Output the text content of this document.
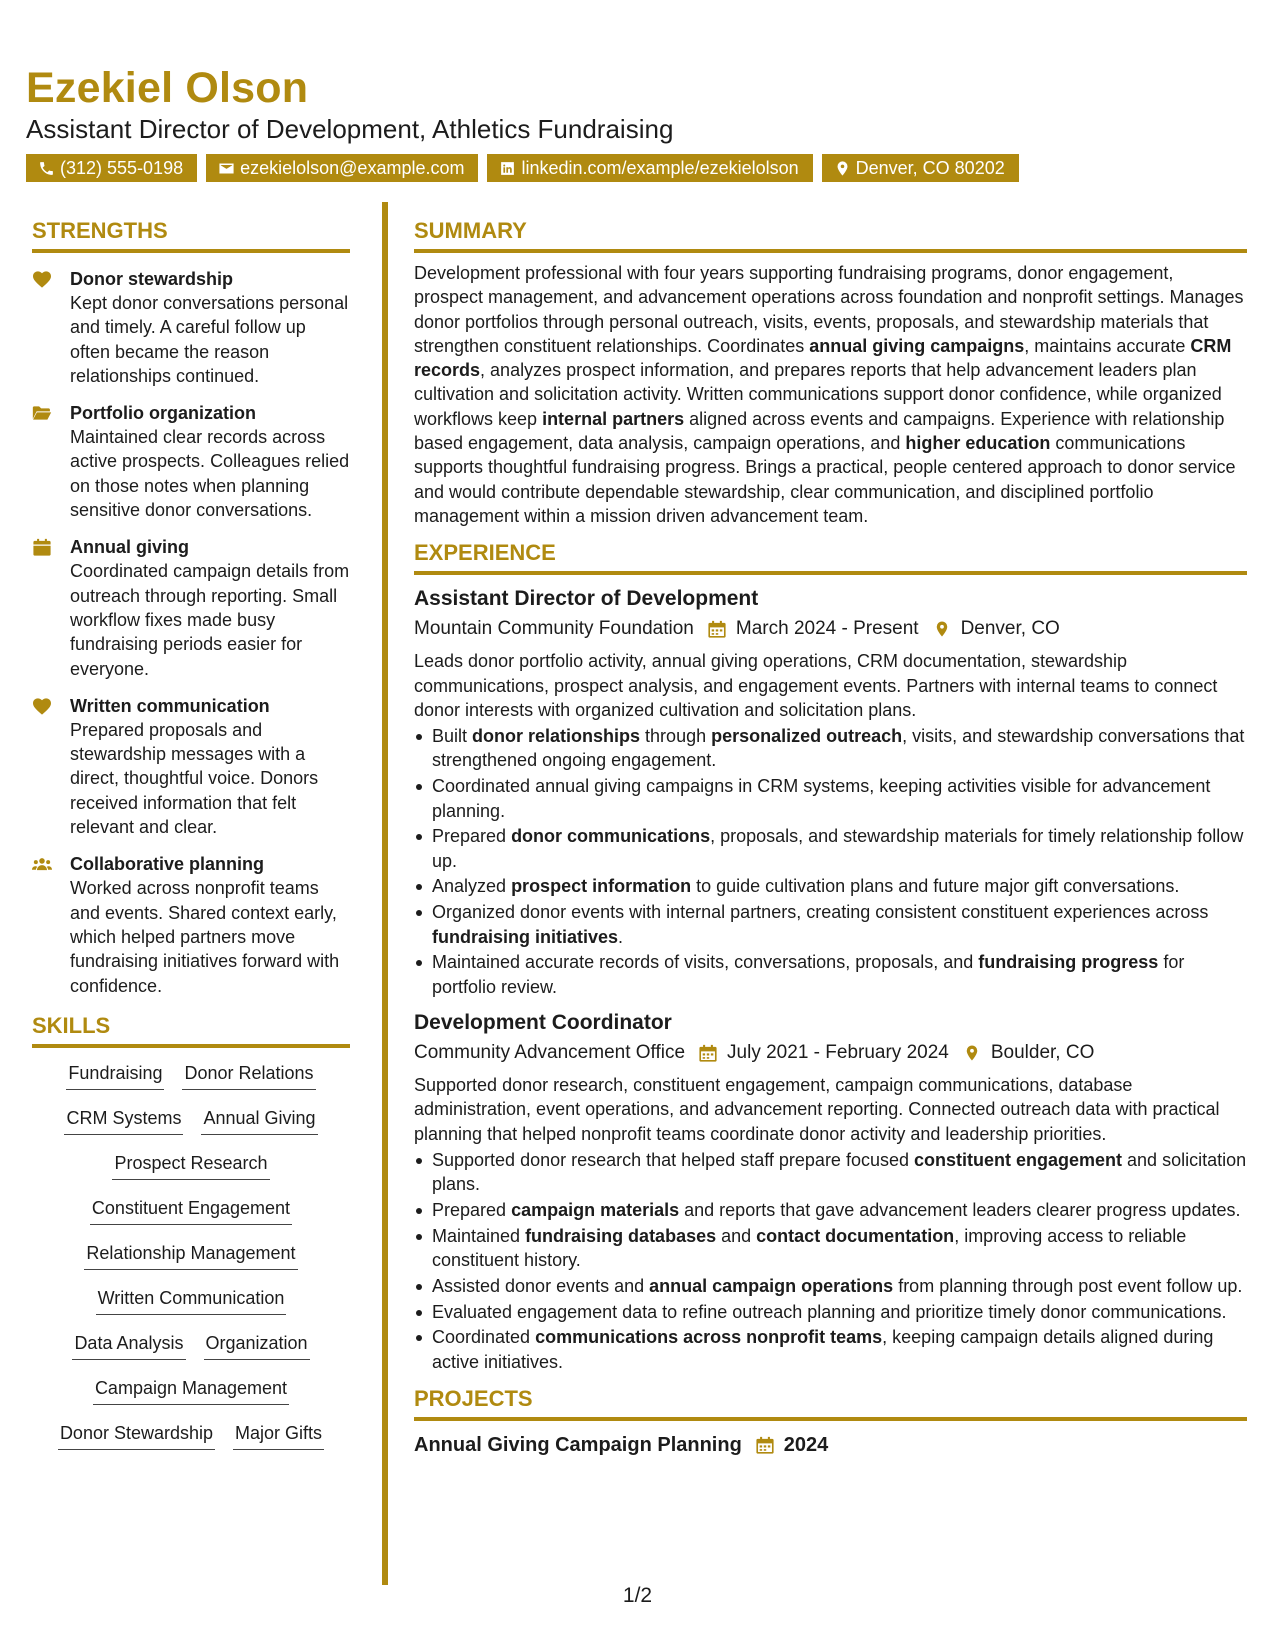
Ezekiel Olson
Assistant Director of Development, Athletics Fundraising
(312) 555-0198	ezekielolson@example.com	linkedin.com/example/ezekielolson	Denver, CO 80202
STRENGTHS
Donor stewardship
Kept donor conversations personal and timely. A careful follow up often became the reason relationships continued.
Portfolio organization
Maintained clear records across active prospects. Colleagues relied on those notes when planning sensitive donor conversations.
Annual giving
Coordinated campaign details from outreach through reporting. Small workflow fixes made busy fundraising periods easier for everyone.
Written communication
Prepared proposals and stewardship messages with a direct, thoughtful voice. Donors received information that felt relevant and clear.
Collaborative planning
Worked across nonprofit teams and events. Shared context early, which helped partners move fundraising initiatives forward with confidence.
SKILLS
Fundraising Donor Relations
CRM Systems Annual Giving
Prospect Research
Constituent Engagement
Relationship Management
Written Communication
Data Analysis Organization
Campaign Management
Donor Stewardship Major Gifts
SUMMARY

Development professional with four years supporting fundraising programs, donor engagement, prospect management, and advancement operations across foundation and nonprofit settings. Manages donor portfolios through personal outreach, visits, events, proposals, and stewardship materials that strengthen constituent relationships. Coordinates annual giving campaigns, maintains accurate CRM records, analyzes prospect information, and prepares reports that help advancement leaders plan cultivation and solicitation activity. Written communications support donor confidence, while organized workflows keep internal partners aligned across events and campaigns. Experience with relationship based engagement, data analysis, campaign operations, and higher education communications supports thoughtful fundraising progress. Brings a practical, people centered approach to donor service and would contribute dependable stewardship, clear communication, and disciplined portfolio management within a mission driven advancement team.

EXPERIENCE
Assistant Director of Development
Mountain Community Foundation March 2024 - Present Denver, CO
Leads donor portfolio activity, annual giving operations, CRM documentation, stewardship communications, prospect analysis, and engagement events. Partners with internal teams to connect donor interests with organized cultivation and solicitation plans.
Built donor relationships through personalized outreach, visits, and stewardship conversations that strengthened ongoing engagement.
Coordinated annual giving campaigns in CRM systems, keeping activities visible for advancement planning.
Prepared donor communications, proposals, and stewardship materials for timely relationship follow up.
Analyzed prospect information to guide cultivation plans and future major gift conversations.
Organized donor events with internal partners, creating consistent constituent experiences across fundraising initiatives.
Maintained accurate records of visits, conversations, proposals, and fundraising progress for portfolio review.
Development Coordinator
Community Advancement Office July 2021 - February 2024 Boulder, CO
Supported donor research, constituent engagement, campaign communications, database administration, event operations, and advancement reporting. Connected outreach data with practical planning that helped nonprofit teams coordinate donor activity and leadership priorities.
Supported donor research that helped staff prepare focused constituent engagement and solicitation plans.
Prepared campaign materials and reports that gave advancement leaders clearer progress updates.
Maintained fundraising databases and contact documentation, improving access to reliable constituent history.
Assisted donor events and annual campaign operations from planning through post event follow up.
Evaluated engagement data to refine outreach planning and prioritize timely donor communications.
Coordinated communications across nonprofit teams, keeping campaign details aligned during active initiatives.
PROJECTS
Annual Giving Campaign Planning 2024
1/2
